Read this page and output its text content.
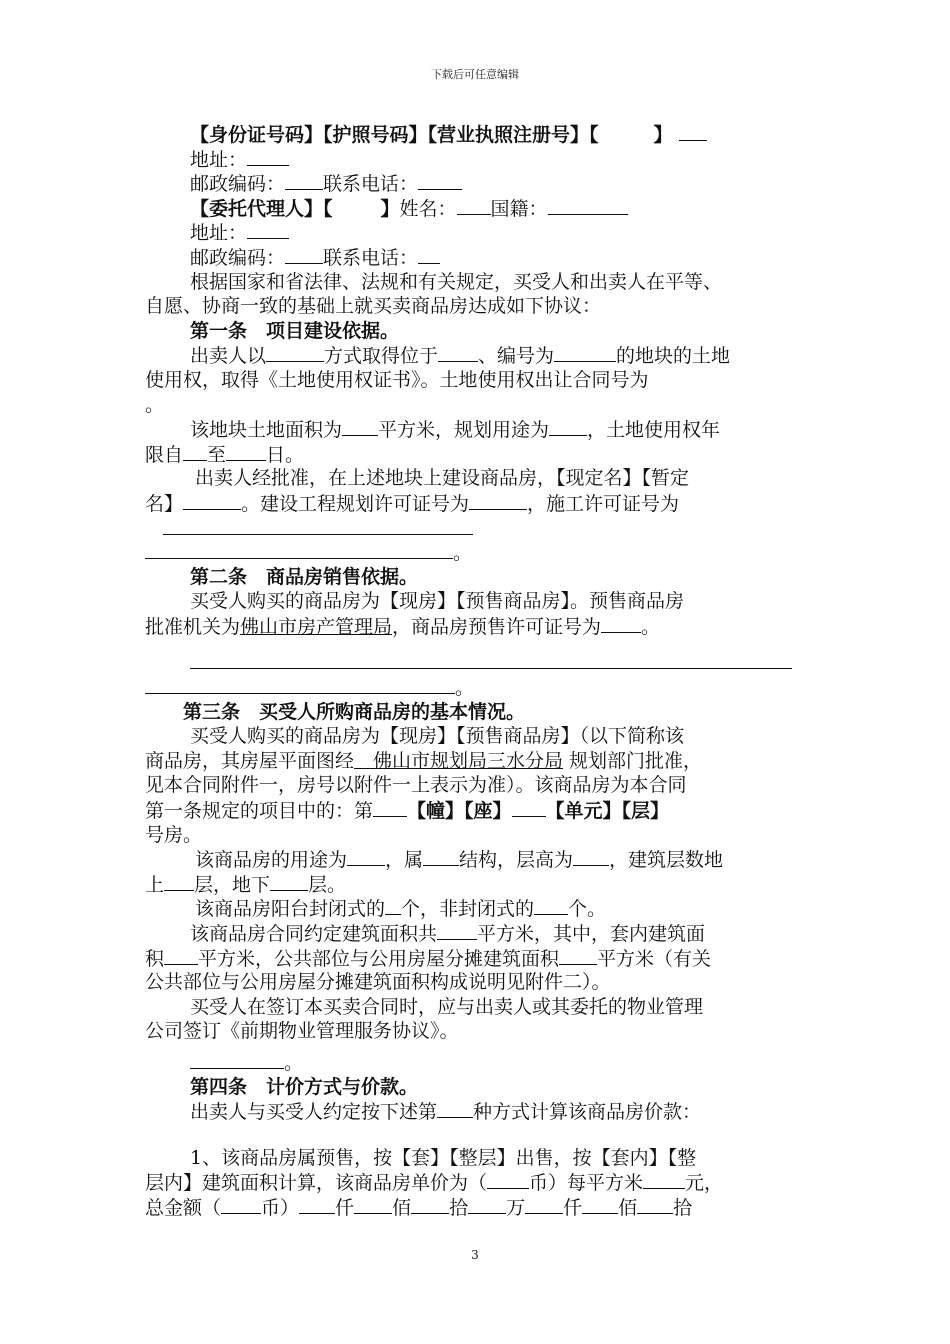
下载后可任意编辑
【身份证号码】【护照号码】【营业执照注册号】【	】
地址：
邮政编码： 联系电话：
【委托代理人】【	】姓名： 国籍：
地址：
邮政编码： 联系电话：
根据国家和省法律、法规和有关规定，买受人和出卖人在平等、
自愿、协商一致的基础上就买卖商品房达成如下协议：
第一条　项目建设依据。
出卖人以	方式取得位于 、编号为	的地块的土地
使用权，取得《土地使用权证书》。土地使用权出让合同号为
。
该地块土地面积为 平方米，规划用途为 ，土地使用权年
限自 至 日。
出卖人经批准，在上述地块上建设商品房，【现定名】【暂定
名】	。建设工程规划许可证号为	，施工许可证号为
。
第二条　商品房销售依据。
买受人购买的商品房为【现房】【预售商品房】。预售商品房
批准机关为佛山市房产管理局，商品房预售许可证号为 。
。
第三条　买受人所购商品房的基本情况。
买受人购买的商品房为【现房】【预售商品房】（以下简称该
商品房，其房屋平面图经　佛山市规划局三水分局 规划部门批准，
见本合同附件一，房号以附件一上表示为准）。该商品房为本合同
第一条规定的项目中的：第 【幢】【座】 【单元】【层】
号房。
该商品房的用途为 ，属 结构，层高为 ，建筑层数地
上 层，地下 层。
该商品房阳台封闭式的 个，非封闭式的 个。
该商品房合同约定建筑面积共 平方米，其中，套内建筑面
积 平方米，公共部位与公用房屋分摊建筑面积 平方米（有关
公共部位与公用房屋分摊建筑面积构成说明见附件二）。
买受人在签订本买卖合同时，应与出卖人或其委托的物业管理
公司签订《前期物业管理服务协议》。
。
第四条　计价方式与价款。
出卖人与买受人约定按下述第 种方式计算该商品房价款：
1、该商品房属预售，按【套】【整层】出售，按【套内】【整
层内】建筑面积计算，该商品房单价为（ 币）每平方米 元，
总金额（ 币） 仟 佰 拾 万 仟 佰 拾
3
